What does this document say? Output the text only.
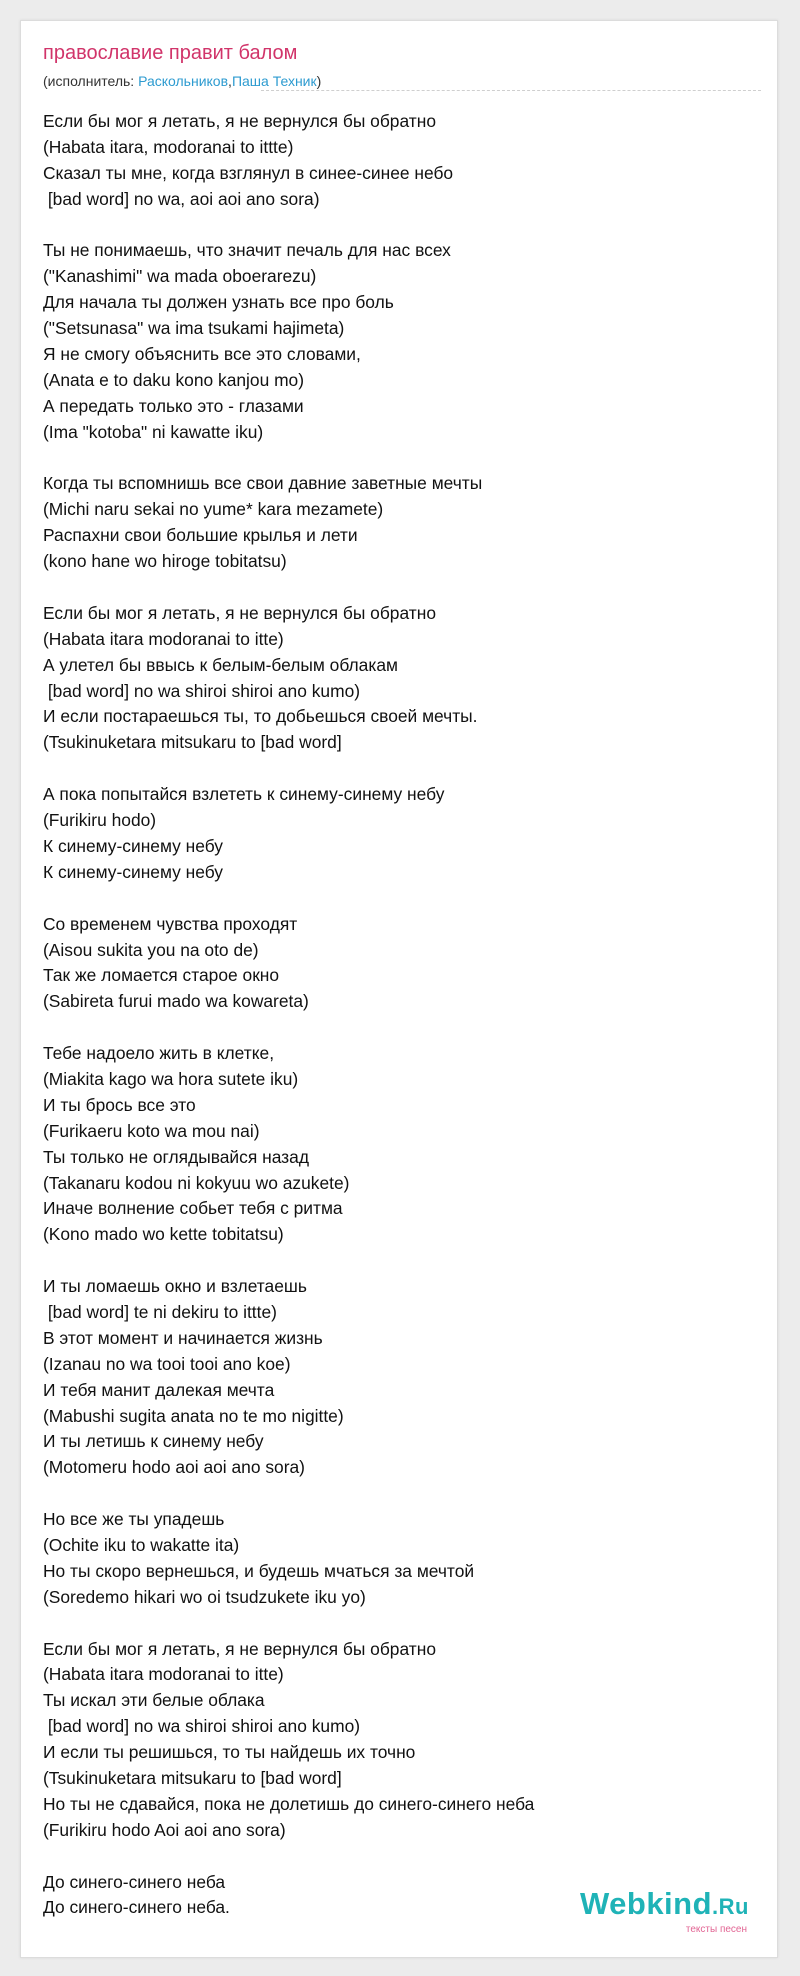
православие правит балом
(исполнитель: Раскольников,Паша Техник)
Если бы мог я летать, я не вернулся бы обратно
(Habata itara, modoranai to ittte)
Сказал ты мне, когда взглянул в синее-синее небо
[bad word] no wa, aoi aoi ano sora)
Ты не понимаешь, что значит печаль для нас всех
("Kanashimi" wa mada oboerarezu)
Для начала ты должен узнать все про боль
("Setsunasa" wa ima tsukami hajimeta)
Я не смогу объяснить все это словами,
(Anata e to daku kono kanjou mo)
А передать только это - глазами
(Ima "kotoba" ni kawatte iku)
Когда ты вспомнишь все свои давние заветные мечты
(Michi naru sekai no yume* kara mezamete)
Распахни свои большие крылья и лети
(kono hane wo hiroge tobitatsu)
Если бы мог я летать, я не вернулся бы обратно
(Habata itara modoranai to itte)
А улетел бы ввысь к белым-белым облакам
[bad word] no wa shiroi shiroi ano kumo)
И если постараешься ты, то добьешься своей мечты.
(Tsukinuketara mitsukaru to [bad word]
А пока попытайся взлететь к синему-синему небу
(Furikiru hodo)
К синему-синему небу
К синему-синему небу
Со временем чувства проходят
(Aisou sukita you na oto de)
Так же ломается старое окно
(Sabireta furui mado wa kowareta)
Тебе надоело жить в клетке,
(Miakita kago wa hora sutete iku)
И ты брось все это
(Furikaeru koto wa mou nai)
Ты только не оглядывайся назад
(Takanaru kodou ni kokyuu wo azukete)
Иначе волнение собьет тебя с ритма
(Kono mado wo kette tobitatsu)
И ты ломаешь окно и взлетаешь
[bad word] te ni dekiru to ittte)
В этот момент и начинается жизнь
(Izanau no wa tooi tooi ano koe)
И тебя манит далекая мечта
(Mabushi sugita anata no te mo nigitte)
И ты летишь к синему небу
(Motomeru hodo aoi aoi ano sora)
Но все же ты упадешь
(Ochite iku to wakatte ita)
Но ты скоро вернешься, и будешь мчаться за мечтой
(Soredemo hikari wo oi tsudzukete iku yo)
Если бы мог я летать, я не вернулся бы обратно
(Habata itara modoranai to itte)
Ты искал эти белые облака
[bad word] no wa shiroi shiroi ano kumo)
И если ты решишься, то ты найдешь их точно
(Tsukinuketara mitsukaru to [bad word]
Но ты не сдавайся, пока не долетишь до синего-синего неба
(Furikiru hodo Aoi aoi ano sora)
До синего-синего неба
До синего-синего неба.	Webkind.Ru
тексты песен
